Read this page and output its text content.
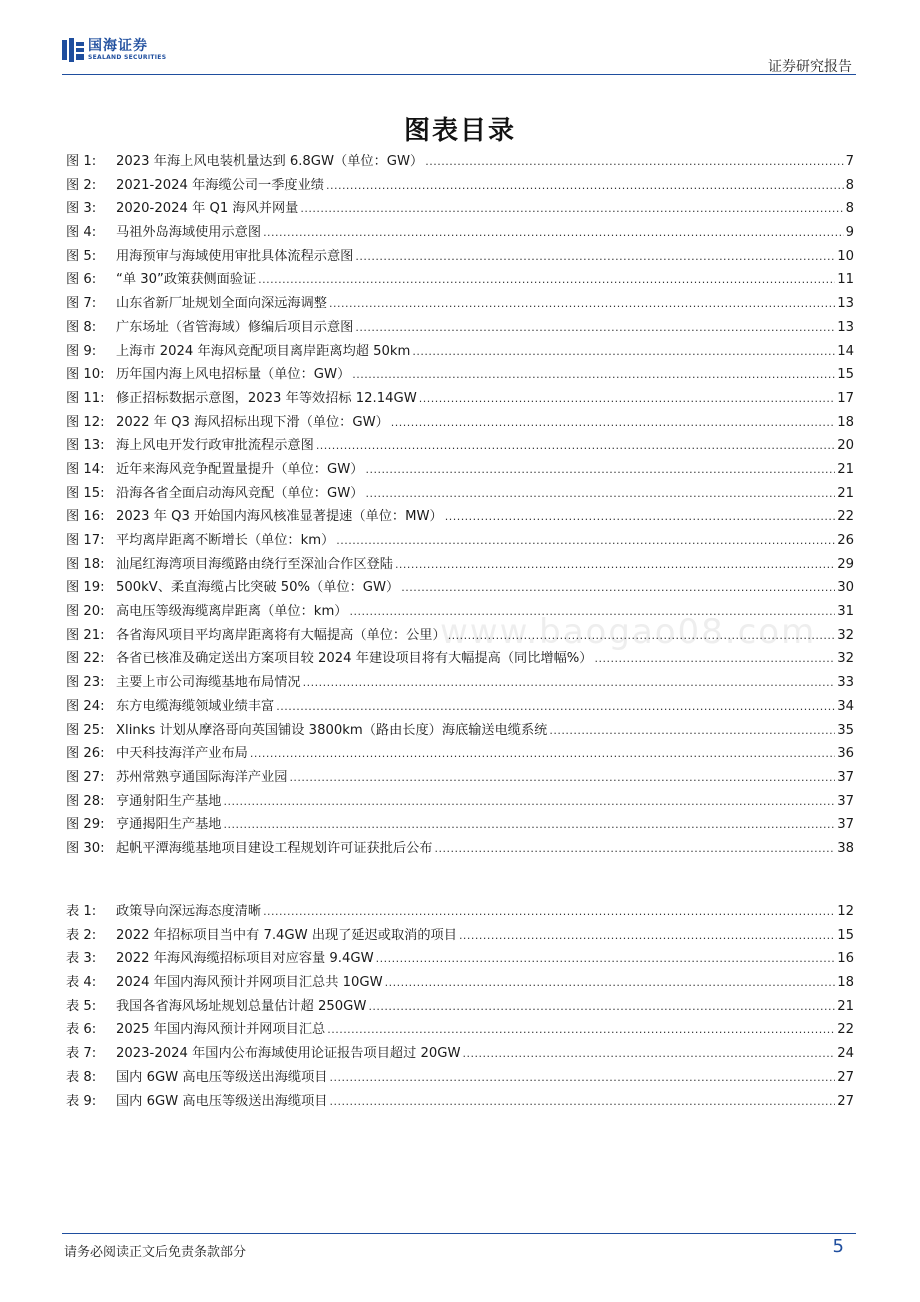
国海证券
SEALAND SECURITIES
证券研究报告
图表目录
www.baogao08.com
图 1:	2023 年海上风电装机量达到 6.8GW（单位：GW） .....	7
图 2:	2021-2024 年海缆公司一季度业绩 .....	8
图 3:	2020-2024 年 Q1 海风并网量 .....	8
图 4:	马祖外岛海域使用示意图 .....	9
图 5:	用海预审与海域使用审批具体流程示意图 .....	10
图 6:	“单 30”政策获侧面验证 .....	11
图 7:	山东省新厂址规划全面向深远海调整 .....	13
图 8:	广东场址（省管海域）修编后项目示意图 .....	13
图 9:	上海市 2024 年海风竞配项目离岸距离均超 50km .....	14
图 10: 历年国内海上风电招标量（单位：GW） .....	15
图 11: 修正招标数据示意图，2023 年等效招标 12.14GW .....	17
图 12: 2022 年 Q3 海风招标出现下滑（单位：GW） .....	18
图 13: 海上风电开发行政审批流程示意图 .....	20
图 14: 近年来海风竞争配置量提升（单位：GW） .....	21
图 15: 沿海各省全面启动海风竞配（单位：GW） .....	21
图 16: 2023 年 Q3 开始国内海风核准显著提速（单位：MW） .....	22
图 17: 平均离岸距离不断增长（单位：km） .....	26
图 18: 汕尾红海湾项目海缆路由绕行至深汕合作区登陆 .....	29
图 19: 500kV、柔直海缆占比突破 50%（单位：GW） .....	30
图 20: 高电压等级海缆离岸距离（单位：km） .....	31
图 21: 各省海风项目平均离岸距离将有大幅提高（单位：公里） .....	32
图 22: 各省已核准及确定送出方案项目较 2024 年建设项目将有大幅提高（同比增幅%） .....	32
图 23: 主要上市公司海缆基地布局情况 .....	33
图 24: 东方电缆海缆领域业绩丰富 .....	34
图 25: Xlinks 计划从摩洛哥向英国铺设 3800km（路由长度）海底输送电缆系统 .....	35
图 26: 中天科技海洋产业布局 .....	36
图 27: 苏州常熟亨通国际海洋产业园 .....	37
图 28: 亨通射阳生产基地 .....	37
图 29: 亨通揭阳生产基地 .....	37
图 30: 起帆平潭海缆基地项目建设工程规划许可证获批后公布 .....	38
表 1:	政策导向深远海态度清晰 .....	12
表 2:	2022 年招标项目当中有 7.4GW 出现了延迟或取消的项目 .....	15
表 3:	2022 年海风海缆招标项目对应容量 9.4GW .....	16
表 4:	2024 年国内海风预计并网项目汇总共 10GW .....	18
表 5:	我国各省海风场址规划总量估计超 250GW .....	21
表 6:	2025 年国内海风预计并网项目汇总 .....	22
表 7:	2023-2024 年国内公布海域使用论证报告项目超过 20GW .....	24
表 8:	国内 6GW 高电压等级送出海缆项目 .....	27
表 9:	国内 6GW 高电压等级送出海缆项目 .....	27
请务必阅读正文后免责条款部分	5
